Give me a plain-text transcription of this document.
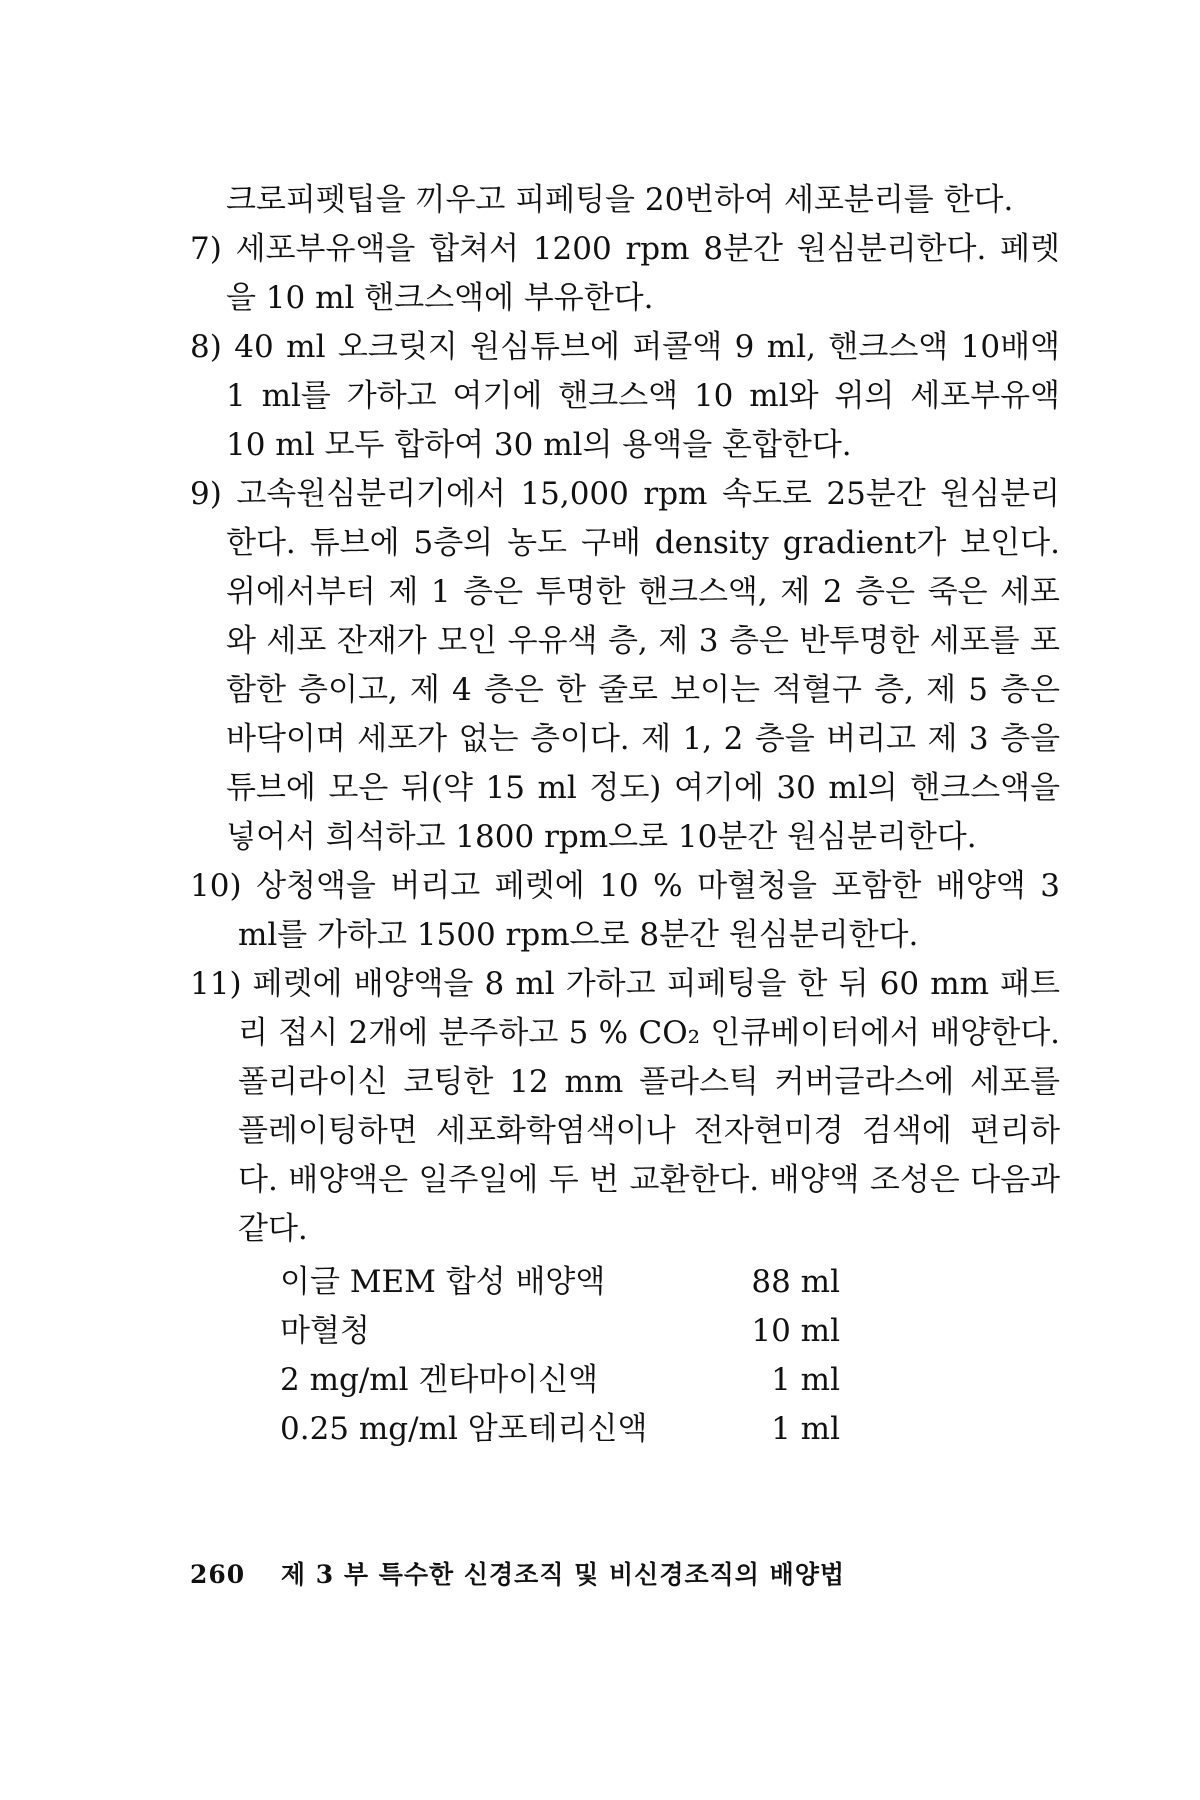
크로피펫팁을 끼우고 피페팅을 20번하여 세포분리를 한다.

7) 세포부유액을 합쳐서 1200 rpm 8분간 원심분리한다. 페렛을 10 ml 핸크스액에 부유한다.

8) 40 ml 오크릿지 원심튜브에 퍼콜액 9 ml, 핸크스액 10배액 1 ml를 가하고 여기에 핸크스액 10 ml와 위의 세포부유액 10 ml 모두 합하여 30 ml의 용액을 혼합한다.

9) 고속원심분리기에서 15,000 rpm 속도로 25분간 원심분리한다. 튜브에 5층의 농도 구배 density gradient가 보인다. 위에서부터 제 1 층은 투명한 핸크스액, 제 2 층은 죽은 세포와 세포 잔재가 모인 우유색 층, 제 3 층은 반투명한 세포를 포함한 층이고, 제 4 층은 한 줄로 보이는 적혈구 층, 제 5 층은 바닥이며 세포가 없는 층이다. 제 1, 2 층을 버리고 제 3 층을 튜브에 모은 뒤(약 15 ml 정도) 여기에 30 ml의 핸크스액을 넣어서 희석하고 1800 rpm으로 10분간 원심분리한다.

10) 상청액을 버리고 페렛에 10 % 마혈청을 포함한 배양액 3 ml를 가하고 1500 rpm으로 8분간 원심분리한다.

11) 페렛에 배양액을 8 ml 가하고 피페팅을 한 뒤 60 mm 패트리 접시 2개에 분주하고 5 % CO₂ 인큐베이터에서 배양한다. 폴리라이신 코팅한 12 mm 플라스틱 커버글라스에 세포를 플레이팅하면 세포화학염색이나 전자현미경 검색에 편리하다. 배양액은 일주일에 두 번 교환한다. 배양액 조성은 다음과 같다.

이글 MEM 합성 배양액	88 ml
마혈청	10 ml
2 mg/ml 겐타마이신액	1 ml
0.25 mg/ml 암포테리신액	1 ml
260 제 3 부 특수한 신경조직 및 비신경조직의 배양법
